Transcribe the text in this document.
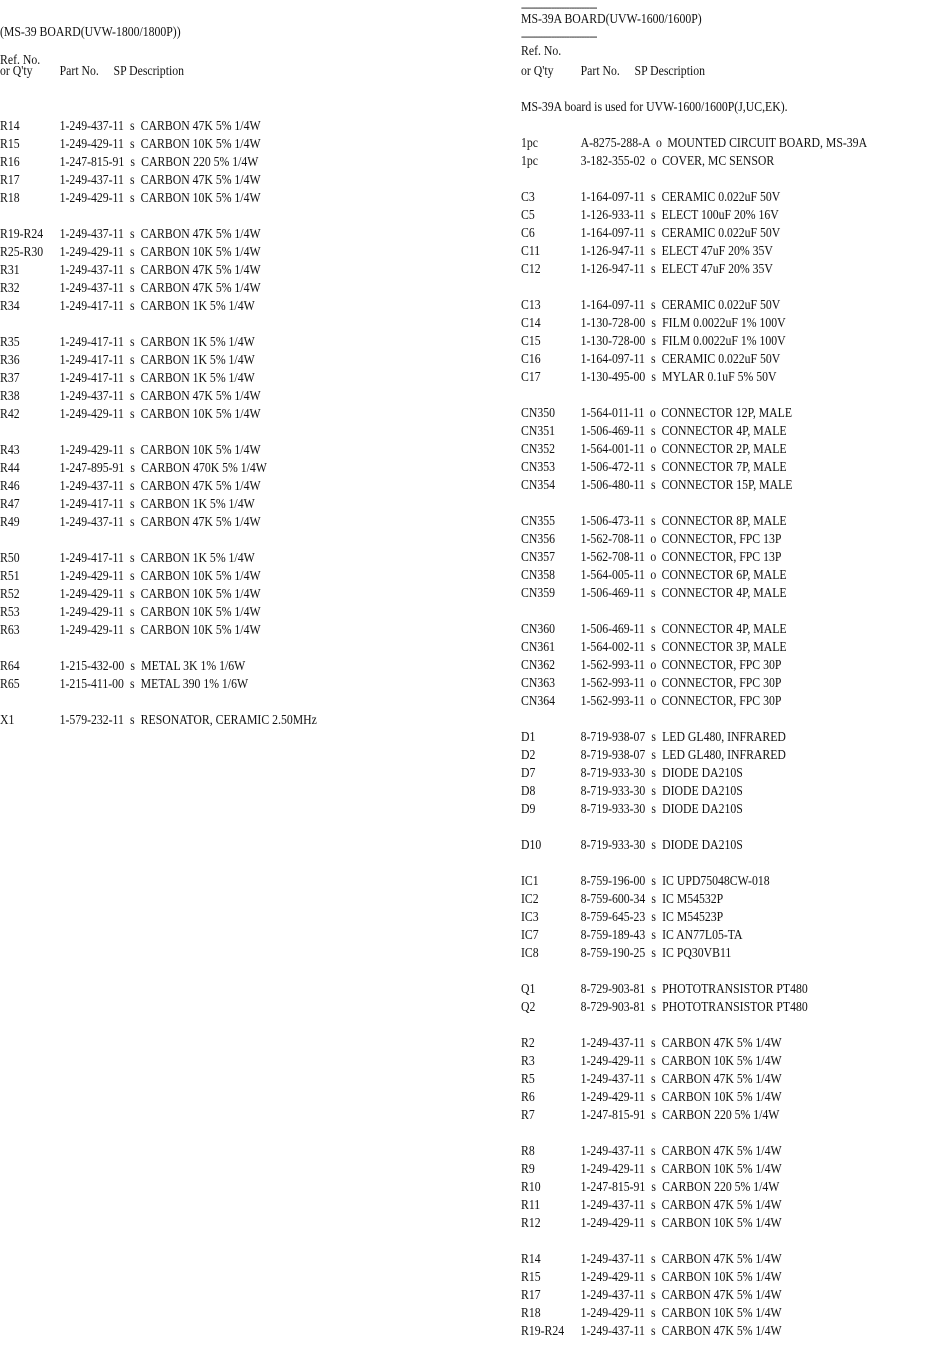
(MS-39 BOARD(UVW-1800/1800P))
Ref. No.
or Q'ty Part No.     SP Description
R14	1-249-437-11 s CARBON 47K 5% 1/4W
R15	1-249-429-11 s CARBON 10K 5% 1/4W
R16	1-247-815-91 s CARBON 220 5% 1/4W
R17	1-249-437-11 s CARBON 47K 5% 1/4W
R18	1-249-429-11 s CARBON 10K 5% 1/4W
R19-R24 1-249-437-11 s CARBON 47K 5% 1/4W
R25-R30 1-249-429-11 s CARBON 10K 5% 1/4W
R31	1-249-437-11 s CARBON 47K 5% 1/4W
R32	1-249-437-11 s CARBON 47K 5% 1/4W
R34	1-249-417-11 s CARBON 1K 5% 1/4W
R35	1-249-417-11 s CARBON 1K 5% 1/4W
R36	1-249-417-11 s CARBON 1K 5% 1/4W
R37	1-249-417-11 s CARBON 1K 5% 1/4W
R38	1-249-437-11 s CARBON 47K 5% 1/4W
R42	1-249-429-11 s CARBON 10K 5% 1/4W
R43	1-249-429-11 s CARBON 10K 5% 1/4W
R44	1-247-895-91 s CARBON 470K 5% 1/4W
R46	1-249-437-11 s CARBON 47K 5% 1/4W
R47	1-249-417-11 s CARBON 1K 5% 1/4W
R49	1-249-437-11 s CARBON 47K 5% 1/4W
R50	1-249-417-11 s CARBON 1K 5% 1/4W
R51	1-249-429-11 s CARBON 10K 5% 1/4W
R52	1-249-429-11 s CARBON 10K 5% 1/4W
R53	1-249-429-11 s CARBON 10K 5% 1/4W
R63	1-249-429-11 s CARBON 10K 5% 1/4W
R64	1-215-432-00 s METAL 3K 1% 1/6W
R65	1-215-411-00 s METAL 390 1% 1/6W
X1	1-579-232-11 s RESONATOR, CERAMIC 2.50MHz
------------------------------
MS-39A BOARD(UVW-1600/1600P)
------------------------------
Ref. No.
or Q'ty Part No.     SP Description
MS-39A board is used for UVW-1600/1600P(J,UC,EK).
1pc	A-8275-288-A o MOUNTED CIRCUIT BOARD, MS-39A
1pc	3-182-355-02 o COVER, MC SENSOR
C3	1-164-097-11 s CERAMIC 0.022uF 50V
C5	1-126-933-11 s ELECT 100uF 20% 16V
C6	1-164-097-11 s CERAMIC 0.022uF 50V
C11	1-126-947-11 s ELECT 47uF 20% 35V
C12	1-126-947-11 s ELECT 47uF 20% 35V
C13	1-164-097-11 s CERAMIC 0.022uF 50V
C14	1-130-728-00 s FILM 0.0022uF 1% 100V
C15	1-130-728-00 s FILM 0.0022uF 1% 100V
C16	1-164-097-11 s CERAMIC 0.022uF 50V
C17	1-130-495-00 s MYLAR 0.1uF 5% 50V
CN350 1-564-011-11 o CONNECTOR 12P, MALE
CN351 1-506-469-11 s CONNECTOR 4P, MALE
CN352 1-564-001-11 o CONNECTOR 2P, MALE
CN353 1-506-472-11 s CONNECTOR 7P, MALE
CN354 1-506-480-11 s CONNECTOR 15P, MALE
CN355 1-506-473-11 s CONNECTOR 8P, MALE
CN356 1-562-708-11 o CONNECTOR, FPC 13P
CN357 1-562-708-11 o CONNECTOR, FPC 13P
CN358 1-564-005-11 o CONNECTOR 6P, MALE
CN359 1-506-469-11 s CONNECTOR 4P, MALE
CN360 1-506-469-11 s CONNECTOR 4P, MALE
CN361 1-564-002-11 s CONNECTOR 3P, MALE
CN362 1-562-993-11 o CONNECTOR, FPC 30P
CN363 1-562-993-11 o CONNECTOR, FPC 30P
CN364 1-562-993-11 o CONNECTOR, FPC 30P
D1	8-719-938-07 s LED GL480, INFRARED
D2	8-719-938-07 s LED GL480, INFRARED
D7	8-719-933-30 s DIODE DA210S
D8	8-719-933-30 s DIODE DA210S
D9	8-719-933-30 s DIODE DA210S
D10	8-719-933-30 s DIODE DA210S
IC1	8-759-196-00 s IC UPD75048CW-018
IC2	8-759-600-34 s IC M54532P
IC3	8-759-645-23 s IC M54523P
IC7	8-759-189-43 s IC AN77L05-TA
IC8	8-759-190-25 s IC PQ30VB11
Q1	8-729-903-81 s PHOTOTRANSISTOR PT480
Q2	8-729-903-81 s PHOTOTRANSISTOR PT480
R2	1-249-437-11 s CARBON 47K 5% 1/4W
R3	1-249-429-11 s CARBON 10K 5% 1/4W
R5	1-249-437-11 s CARBON 47K 5% 1/4W
R6	1-249-429-11 s CARBON 10K 5% 1/4W
R7	1-247-815-91 s CARBON 220 5% 1/4W
R8	1-249-437-11 s CARBON 47K 5% 1/4W
R9	1-249-429-11 s CARBON 10K 5% 1/4W
R10	1-247-815-91 s CARBON 220 5% 1/4W
R11	1-249-437-11 s CARBON 47K 5% 1/4W
R12	1-249-429-11 s CARBON 10K 5% 1/4W
R14	1-249-437-11 s CARBON 47K 5% 1/4W
R15	1-249-429-11 s CARBON 10K 5% 1/4W
R17	1-249-437-11 s CARBON 47K 5% 1/4W
R18	1-249-429-11 s CARBON 10K 5% 1/4W
R19-R24 1-249-437-11 s CARBON 47K 5% 1/4W
